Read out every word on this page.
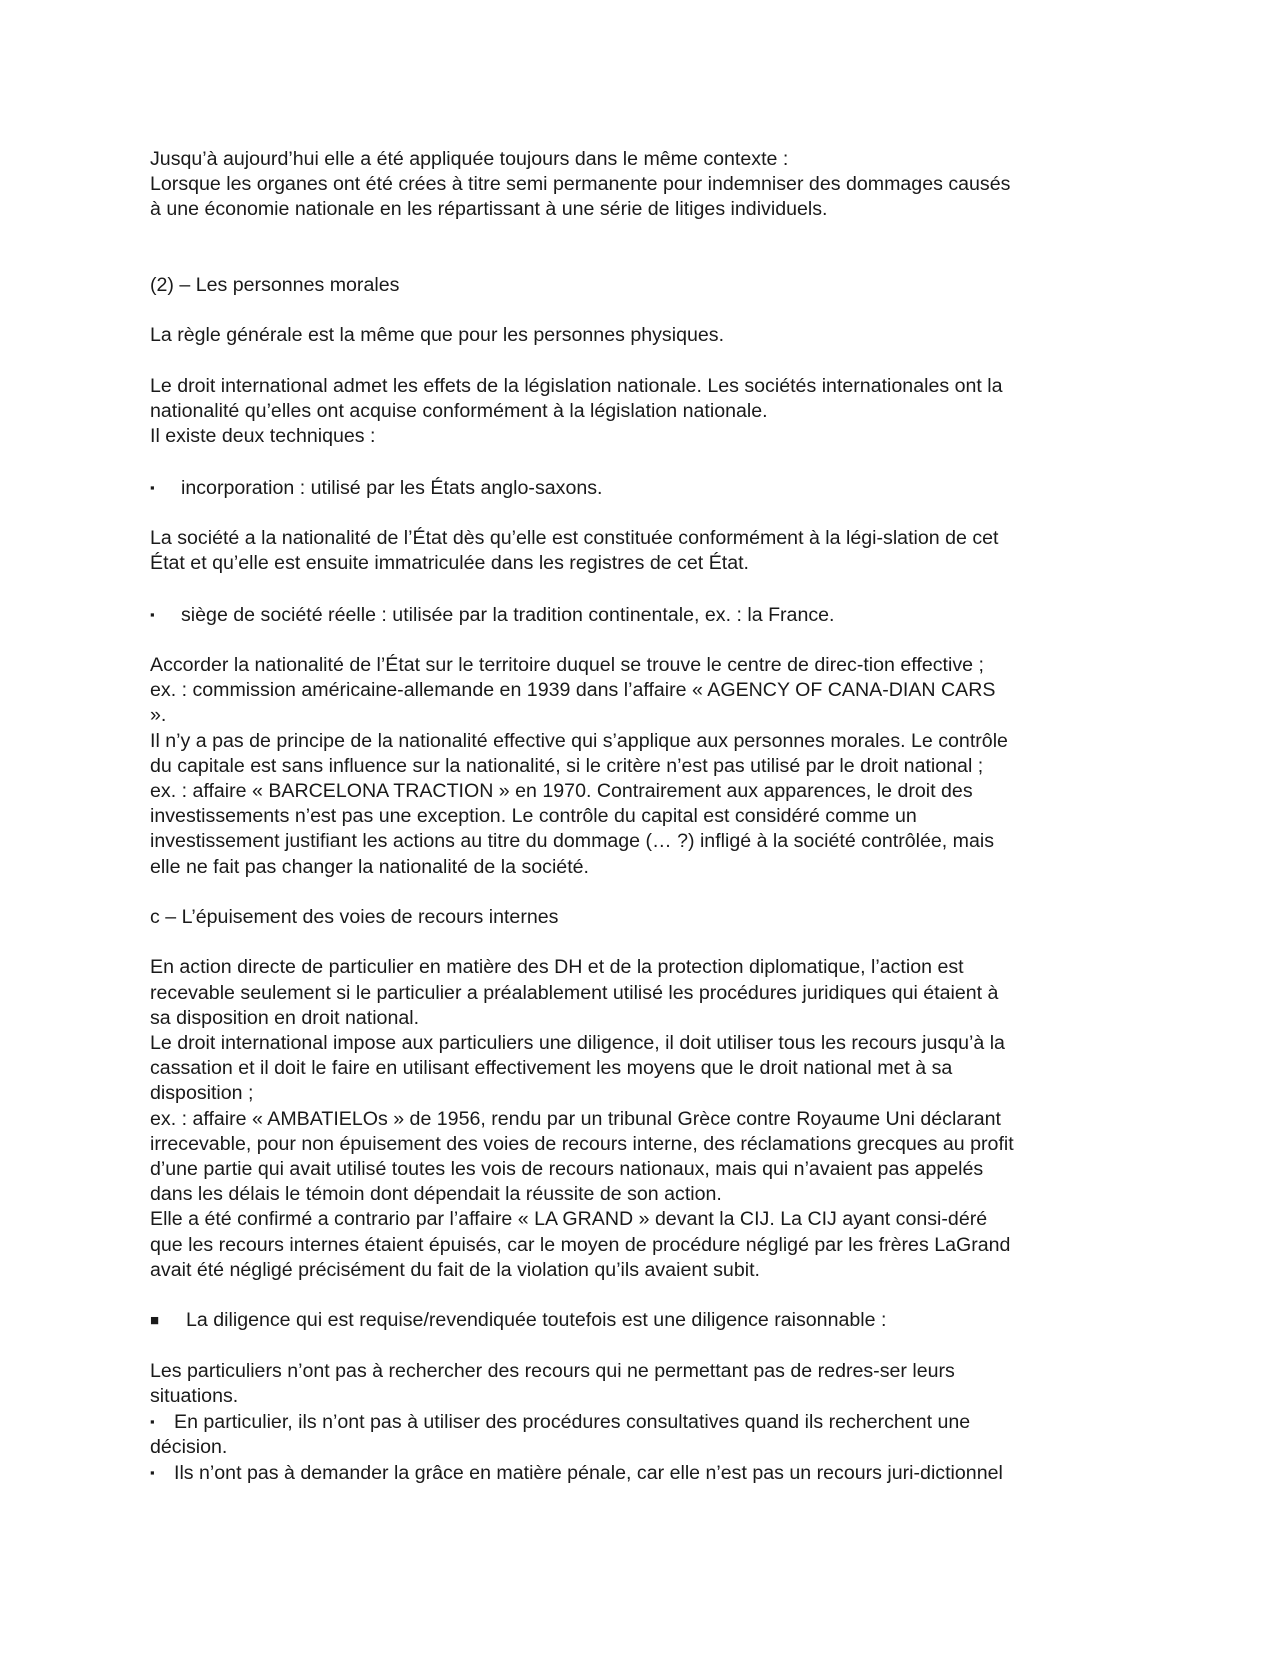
Jusqu’à aujourd’hui elle a été appliquée toujours dans le même contexte :
Lorsque les organes ont été crées à titre semi permanente pour indemniser des dommages causés
à une économie nationale en les répartissant à une série de litiges individuels.
(2) – Les personnes morales
La règle générale est la même que pour les personnes physiques.
Le droit international admet les effets de la législation nationale. Les sociétés internationales ont la
nationalité qu’elles ont acquise conformément à la législation nationale.
Il existe deux techniques :
▪ incorporation : utilisé par les États anglo-saxons.
La société a la nationalité de l’État dès qu’elle est constituée conformément à la légi-slation de cet
État et qu’elle est ensuite immatriculée dans les registres de cet État.
▪ siège de société réelle : utilisée par la tradition continentale, ex. : la France.
Accorder la nationalité de l’État sur le territoire duquel se trouve le centre de direc-tion effective ;
ex. : commission américaine-allemande en 1939 dans l’affaire « AGENCY OF CANA-DIAN CARS
».
Il n’y a pas de principe de la nationalité effective qui s’applique aux personnes morales. Le contrôle
du capitale est sans influence sur la nationalité, si le critère n’est pas utilisé par le droit national ;
ex. : affaire « BARCELONA TRACTION » en 1970. Contrairement aux apparences, le droit des
investissements n’est pas une exception. Le contrôle du capital est considéré comme un
investissement justifiant les actions au titre du dommage (… ?) infligé à la société contrôlée, mais
elle ne fait pas changer la nationalité de la société.
c – L’épuisement des voies de recours internes
En action directe de particulier en matière des DH et de la protection diplomatique, l’action est
recevable seulement si le particulier a préalablement utilisé les procédures juridiques qui étaient à
sa disposition en droit national.
Le droit international impose aux particuliers une diligence, il doit utiliser tous les recours jusqu’à la
cassation et il doit le faire en utilisant effectivement les moyens que le droit national met à sa
disposition ;
ex. : affaire « AMBATIELOs » de 1956, rendu par un tribunal Grèce contre Royaume Uni déclarant
irrecevable, pour non épuisement des voies de recours interne, des réclamations grecques au profit
d’une partie qui avait utilisé toutes les vois de recours nationaux, mais qui n’avaient pas appelés
dans les délais le témoin dont dépendait la réussite de son action.
Elle a été confirmé a contrario par l’affaire « LA GRAND » devant la CIJ. La CIJ ayant consi-déré
que les recours internes étaient épuisés, car le moyen de procédure négligé par les frères LaGrand
avait été négligé précisément du fait de la violation qu’ils avaient subit.
■ La diligence qui est requise/revendiquée toutefois est une diligence raisonnable :
Les particuliers n’ont pas à rechercher des recours qui ne permettant pas de redres-ser leurs
situations.
▪ En particulier, ils n’ont pas à utiliser des procédures consultatives quand ils recherchent une
décision.
▪ Ils n’ont pas à demander la grâce en matière pénale, car elle n’est pas un recours juri-dictionnel
